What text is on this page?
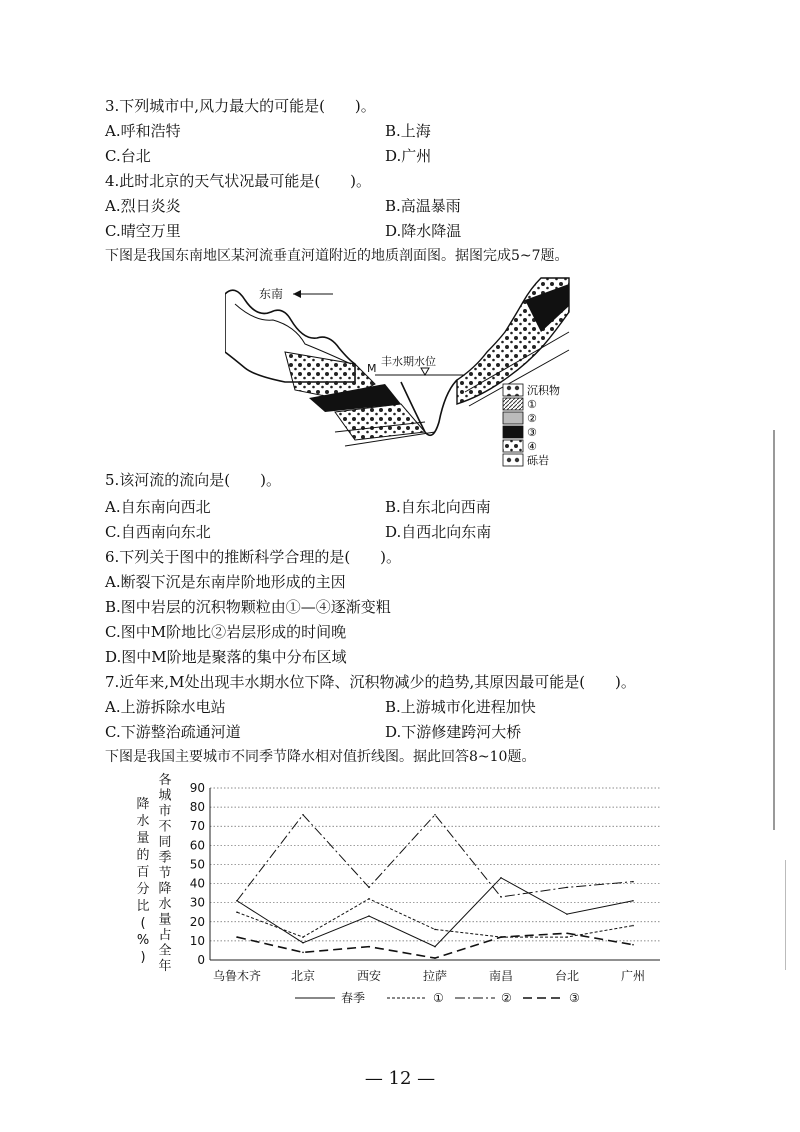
3.下列城市中,风力最大的可能是(　　)。
A.呼和浩特	B.上海
C.台北	D.广州
4.此时北京的天气状况最可能是(　　)。
A.烈日炎炎	B.高温暴雨
C.晴空万里	D.降水降温
下图是我国东南地区某河流垂直河道附近的地质剖面图。据图完成5~7题。
丰水期水位
M
东南
沉积物
①
②
③
④
砾岩
5.该河流的流向是(　　)。
A.自东南向西北	B.自东北向西南
C.自西南向东北	D.自西北向东南
6.下列关于图中的推断科学合理的是(　　)。
A.断裂下沉是东南岸阶地形成的主因
B.图中岩层的沉积物颗粒由①—④逐渐变粗
C.图中M阶地比②岩层形成的时间晚
D.图中M阶地是聚落的集中分布区域
7.近年来,M处出现丰水期水位下降、沉积物减少的趋势,其原因最可能是(　　)。
A.上游拆除水电站	B.上游城市化进程加快
C.下游整治疏通河道	D.下游修建跨河大桥
下图是我国主要城市不同季节降水相对值折线图。据此回答8~10题。
降
水
量
的
百
分
比
(
%
)
各
城
市
不
同
季
节
降
水
量
占
全
年 0
10
20
30
40
50
60
70
80
90
乌鲁木齐 北京	西安	拉萨	南昌	台北	广州
春季	①	②	③
— 12 —
